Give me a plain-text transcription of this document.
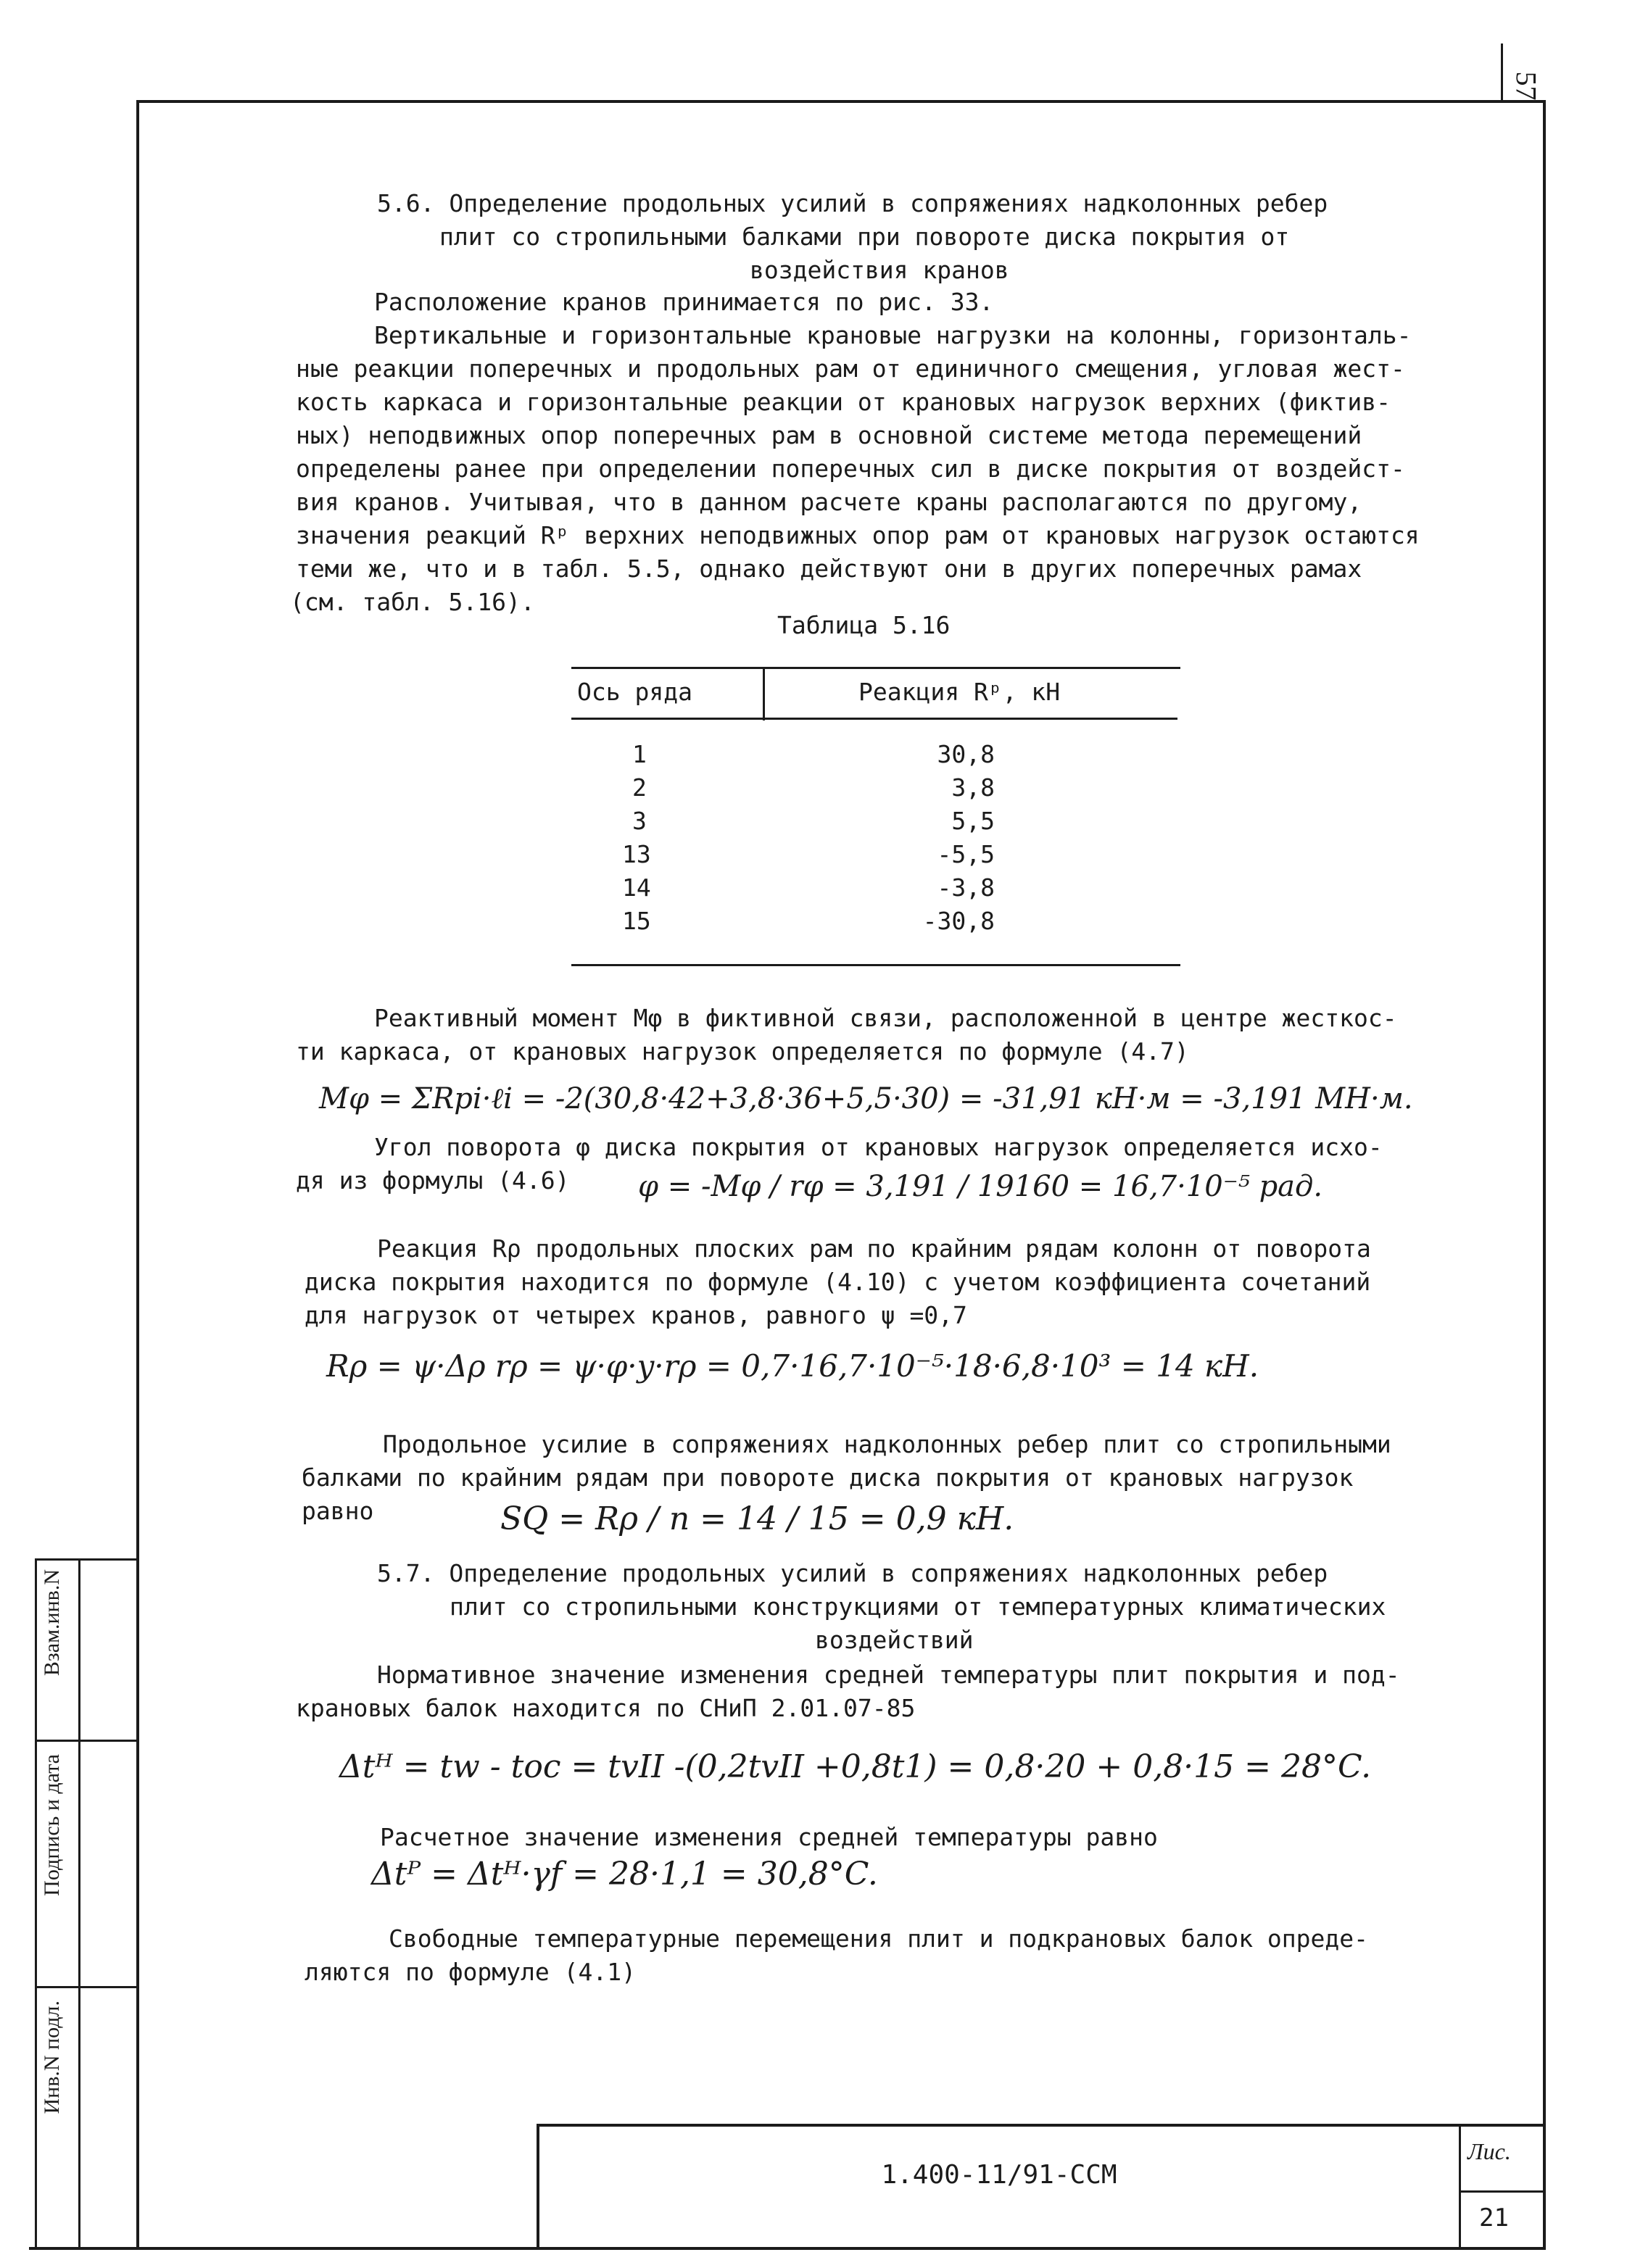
57
Инв.N подл.
Подпись и дата
Взам.инв.N
1.400-11/91-ССМ
Лис.
21
5.6. Определение продольных усилий в сопряжениях надколонных ребер
плит со стропильными балками при повороте диска покрытия от
воздействия кранов
Расположение кранов принимается по рис. 33.
Вертикальные и горизонтальные крановые нагрузки на колонны, горизонталь-
ные реакции поперечных и продольных рам от единичного смещения, угловая жест-
кость каркаса и горизонтальные реакции от крановых нагрузок верхних (фиктив-
ных) неподвижных опор поперечных рам в основной системе метода перемещений
определены ранее при определении поперечных сил в диске покрытия от воздейст-
вия кранов. Учитывая, что в данном расчете краны располагаются по другому,
значения реакций Rᵖ верхних неподвижных опор рам от крановых нагрузок остаются
теми же, что и в табл. 5.5, однако действуют они в других поперечных рамах
(см. табл. 5.16).
Таблица 5.16
Ось ряда	Реакция Rᵖ, кН
1	30,8
2	3,8
3	5,5
13	-5,5
14	-3,8
15	-30,8
Реактивный момент Mφ в фиктивной связи, расположенной в центре жесткос-
ти каркаса, от крановых нагрузок определяется по формуле (4.7)
Mφ = ΣRpi·ℓi = -2(30,8·42+3,8·36+5,5·30) = -31,91 кН·м = -3,191 МН·м.
Угол поворота φ диска покрытия от крановых нагрузок определяется исхо-
дя из формулы (4.6) φ = -Mφ / rφ = 3,191 / 19160 = 16,7·10⁻⁵ рад.
Реакция Rρ продольных плоских рам по крайним рядам колонн от поворота
диска покрытия находится по формуле (4.10) с учетом коэффициента сочетаний
для нагрузок от четырех кранов, равного ψ =0,7
Rρ = ψ·Δρ rρ = ψ·φ·y·rρ = 0,7·16,7·10⁻⁵·18·6,8·10³ = 14 кН.
Продольное усилие в сопряжениях надколонных ребер плит со стропильными
балками по крайним рядам при повороте диска покрытия от крановых нагрузок
равно	SQ = Rρ / n = 14 / 15 = 0,9 кН.
5.7. Определение продольных усилий в сопряжениях надколонных ребер
плит со стропильными конструкциями от температурных климатических
воздействий
Нормативное значение изменения средней температуры плит покрытия и под-
крановых балок находится по СНиП 2.01.07-85
Δtᴴ = tw - toc = tvII -(0,2tvII +0,8t1) = 0,8·20 + 0,8·15 = 28°C.
Расчетное значение изменения средней температуры равно
Δtᴾ = Δtᴴ·γf = 28·1,1 = 30,8°C.
Свободные температурные перемещения плит и подкрановых балок опреде-
ляются по формуле (4.1)
